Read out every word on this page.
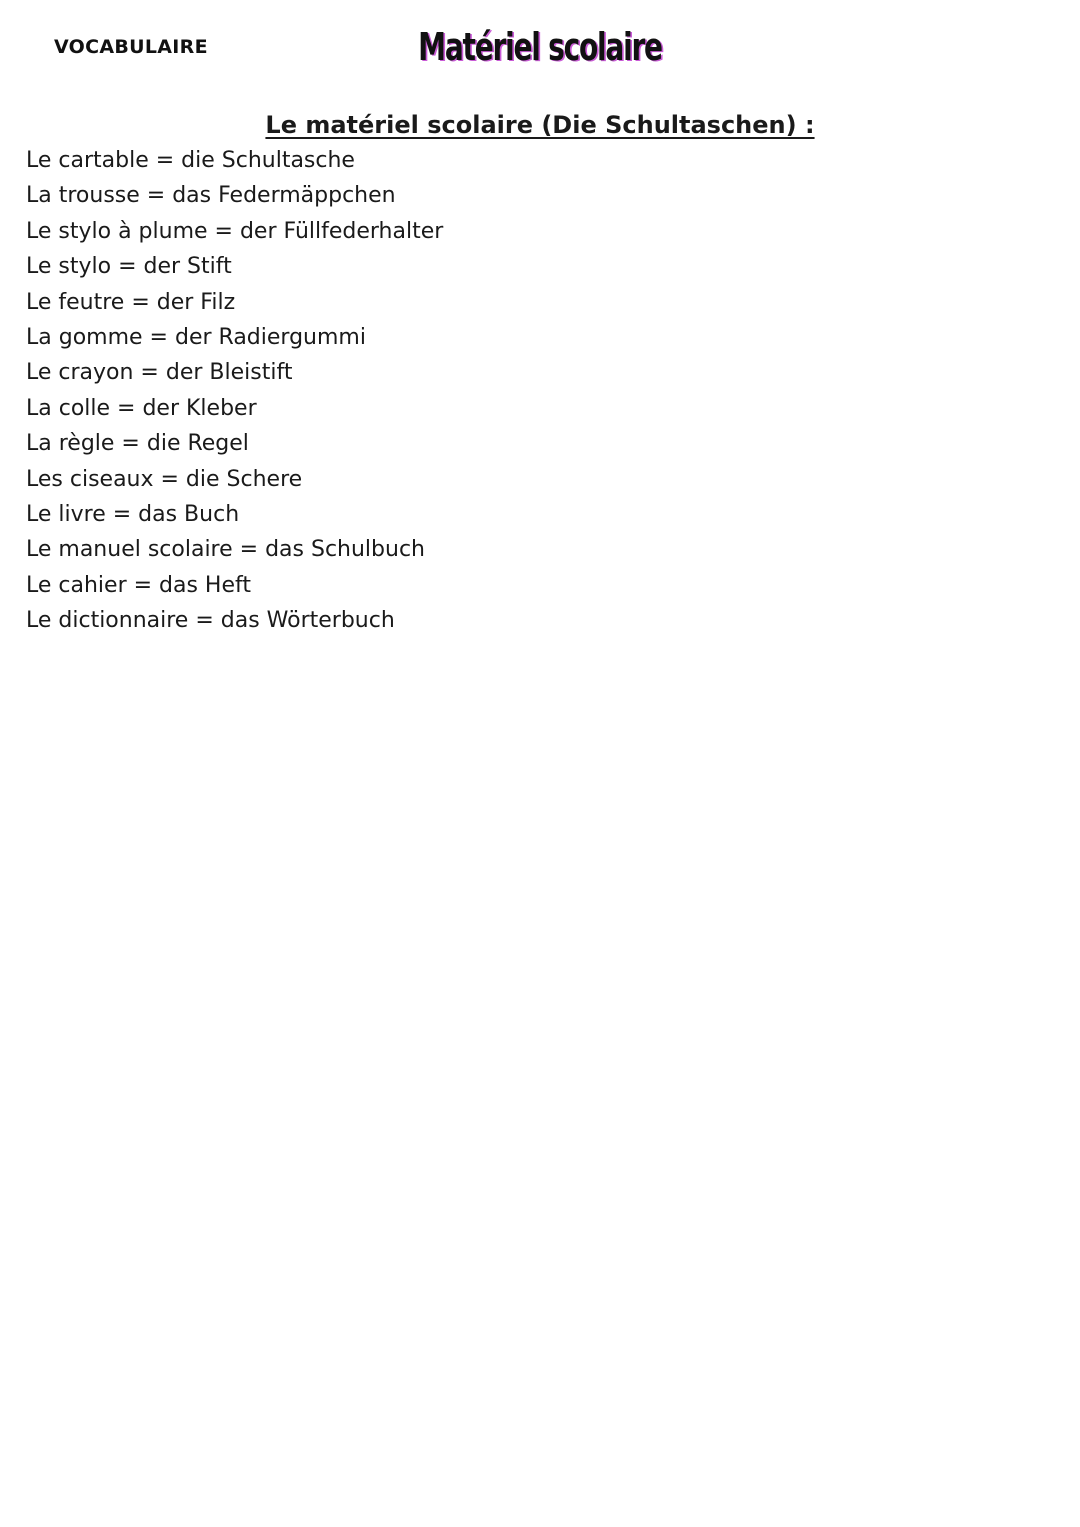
VOCABULAIRE	Matériel scolaire
Le matériel scolaire (Die Schultaschen) :
Le cartable = die Schultasche
La trousse = das Federmäppchen
Le stylo à plume = der Füllfederhalter
Le stylo = der Stift
Le feutre = der Filz
La gomme = der Radiergummi
Le crayon = der Bleistift
La colle = der Kleber
La règle = die Regel
Les ciseaux = die Schere
Le livre = das Buch
Le manuel scolaire = das Schulbuch
Le cahier = das Heft
Le dictionnaire = das Wörterbuch
